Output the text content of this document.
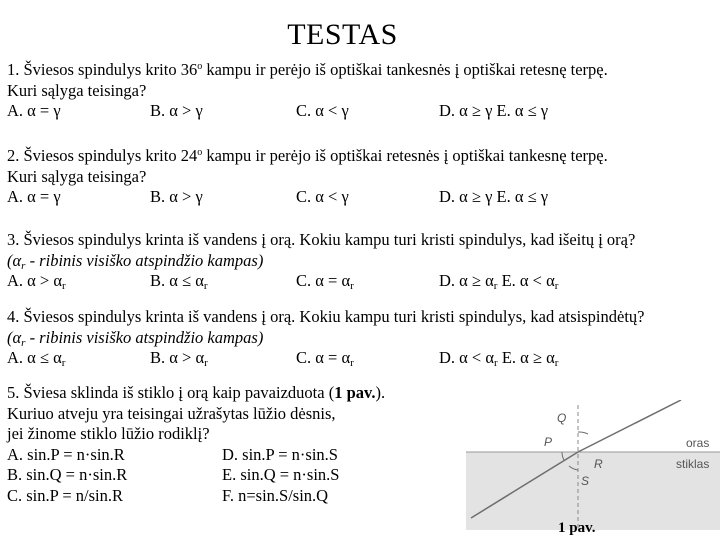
TESTAS
1. Šviesos spindulys krito 36$^o$ kampu ir perėjo iš optiškai tankesnės į optiškai retesnę terpę.
Kuri sąlyga teisinga?
A. α = γ	B. α > γ	C. α < γ	D. α ≥ γ E. α ≤ γ
2. Šviesos spindulys krito 24$^o$ kampu ir perėjo iš optiškai retesnės į optiškai tankesnę terpę.
Kuri sąlyga teisinga?
A. α = γ	B. α > γ	C. α < γ	D. α ≥ γ E. α ≤ γ
3. Šviesos spindulys krinta iš vandens į orą. Kokiu kampu turi kristi spindulys, kad išeitų į orą?
(αr - ribinis visiško atspindžio kampas)
A. α > αr	B. α ≤ αr	C. α = αr	D. α ≥ αr E. α < αr
4. Šviesos spindulys krinta iš vandens į orą. Kokiu kampu turi kristi spindulys, kad atsispindėtų?
(αr - ribinis visiško atspindžio kampas)
A. α ≤ αr	B. α > αr	C. α = αr	D. α < αr E. α ≥ αr
5. Šviesa sklinda iš stiklo į orą kaip pavaizduota (1 pav.).
Kuriuo atveju yra teisingai užrašytas lūžio dėsnis,
jei žinome stiklo lūžio rodiklį?
A. sin.P = n·sin.R	D. sin.P = n·sin.S
B. sin.Q = n·sin.R	E. sin.Q = n·sin.S
C. sin.P = n/sin.R	F. n=sin.S/sin.Q
Q
P
R
S
oras
stiklas
1 pav.
